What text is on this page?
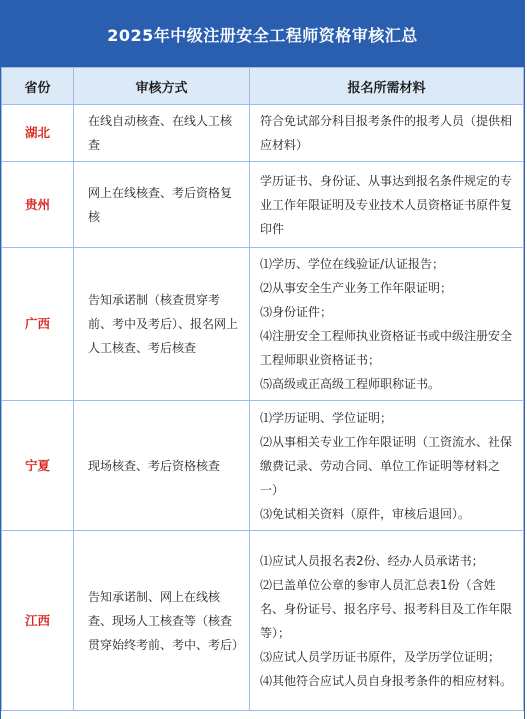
2025年中级注册安全工程师资格审核汇总
省份	审核方式	报名所需材料
湖北	在线自动核查、在线人工核查	符合免试部分科目报考条件的报考人员（提供相应材料）

贵州	网上在线核查、考后资格复核	学历证书、身份证、从事达到报名条件规定的专业工作年限证明及专业技术人员资格证书原件复印件

广西	告知承诺制（核查贯穿考前、考中及考后）、报名网上人工核查、考后核查	⑴学历、学位在线验证/认证报告；
⑵从事安全生产业务工作年限证明；
⑶身份证件；
⑷注册安全工程师执业资格证书或中级注册安全工程师职业资格证书；
⑸高级或正高级工程师职称证书。

宁夏	现场核查、考后资格核查	⑴学历证明、学位证明；
⑵从事相关专业工作年限证明（工资流水、社保缴费记录、劳动合同、单位工作证明等材料之一）
⑶免试相关资料（原件，审核后退回）。

江西	告知承诺制、网上在线核查、现场人工核查等（核查贯穿始终考前、考中、考后）	⑴应试人员报名表2份、经办人员承诺书；
⑵已盖单位公章的参审人员汇总表1份（含姓名、身份证号、报名序号、报考科目及工作年限等）；
⑶应试人员学历证书原件，及学历学位证明；
⑷其他符合应试人员自身报考条件的相应材料。
